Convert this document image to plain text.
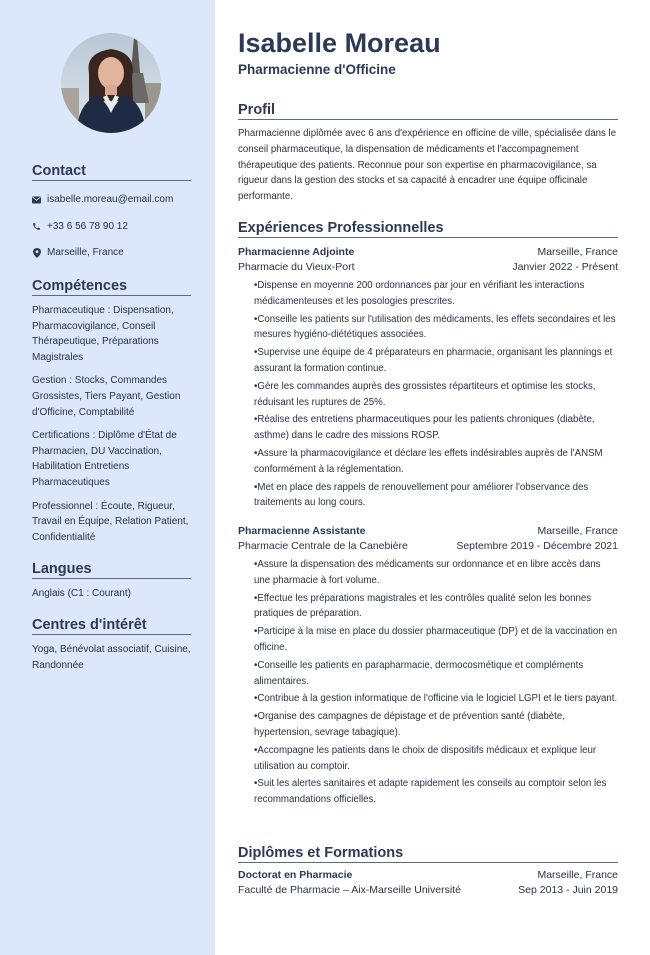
Contact
isabelle.moreau@email.com
+33 6 56 78 90 12
Marseille, France
Compétences

Pharmaceutique : Dispensation, Pharmacovigilance, Conseil Thérapeutique, Préparations Magistrales

Gestion : Stocks, Commandes Grossistes, Tiers Payant, Gestion d'Officine, Comptabilité

Certifications : Diplôme d'État de Pharmacien, DU Vaccination, Habilitation Entretiens Pharmaceutiques

Professionnel : Écoute, Rigueur, Travail en Équipe, Relation Patient, Confidentialité

Langues

Anglais (C1 : Courant)

Centres d'intérêt

Yoga, Bénévolat associatif, Cuisine, Randonnée

Isabelle Moreau
Pharmacienne d'Officine
Profil

Pharmacienne diplômée avec 6 ans d'expérience en officine de ville, spécialisée dans le conseil pharmaceutique, la dispensation de médicaments et l'accompagnement thérapeutique des patients. Reconnue pour son expertise en pharmacovigilance, sa rigueur dans la gestion des stocks et sa capacité à encadrer une équipe officinale performante.

Expériences Professionnelles
Pharmacienne Adjointe	Marseille, France
Pharmacie du Vieux-Port	Janvier 2022 - Présent
• Dispense en moyenne 200 ordonnances par jour en vérifiant les interactions médicamenteuses et les posologies prescrites.
• Conseille les patients sur l'utilisation des médicaments, les effets secondaires et les mesures hygiéno-diététiques associées.
• Supervise une équipe de 4 préparateurs en pharmacie, organisant les plannings et assurant la formation continue.
• Gère les commandes auprès des grossistes répartiteurs et optimise les stocks, réduisant les ruptures de 25%.
• Réalise des entretiens pharmaceutiques pour les patients chroniques (diabète, asthme) dans le cadre des missions ROSP.
• Assure la pharmacovigilance et déclare les effets indésirables auprès de l'ANSM conformément à la réglementation.
• Met en place des rappels de renouvellement pour améliorer l'observance des traitements au long cours.
Pharmacienne Assistante	Marseille, France
Pharmacie Centrale de la Canebière	Septembre 2019 - Décembre 2021
• Assure la dispensation des médicaments sur ordonnance et en libre accès dans une pharmacie à fort volume.
• Effectue les préparations magistrales et les contrôles qualité selon les bonnes pratiques de préparation.
• Participe à la mise en place du dossier pharmaceutique (DP) et de la vaccination en officine.
• Conseille les patients en parapharmacie, dermocosmétique et compléments alimentaires.
• Contribue à la gestion informatique de l'officine via le logiciel LGPI et le tiers payant.
• Organise des campagnes de dépistage et de prévention santé (diabète, hypertension, sevrage tabagique).
• Accompagne les patients dans le choix de dispositifs médicaux et explique leur utilisation au comptoir.
• Suit les alertes sanitaires et adapte rapidement les conseils au comptoir selon les recommandations officielles.
Diplômes et Formations
Doctorat en Pharmacie	Marseille, France
Faculté de Pharmacie – Aix-Marseille Université	Sep 2013 - Juin 2019
